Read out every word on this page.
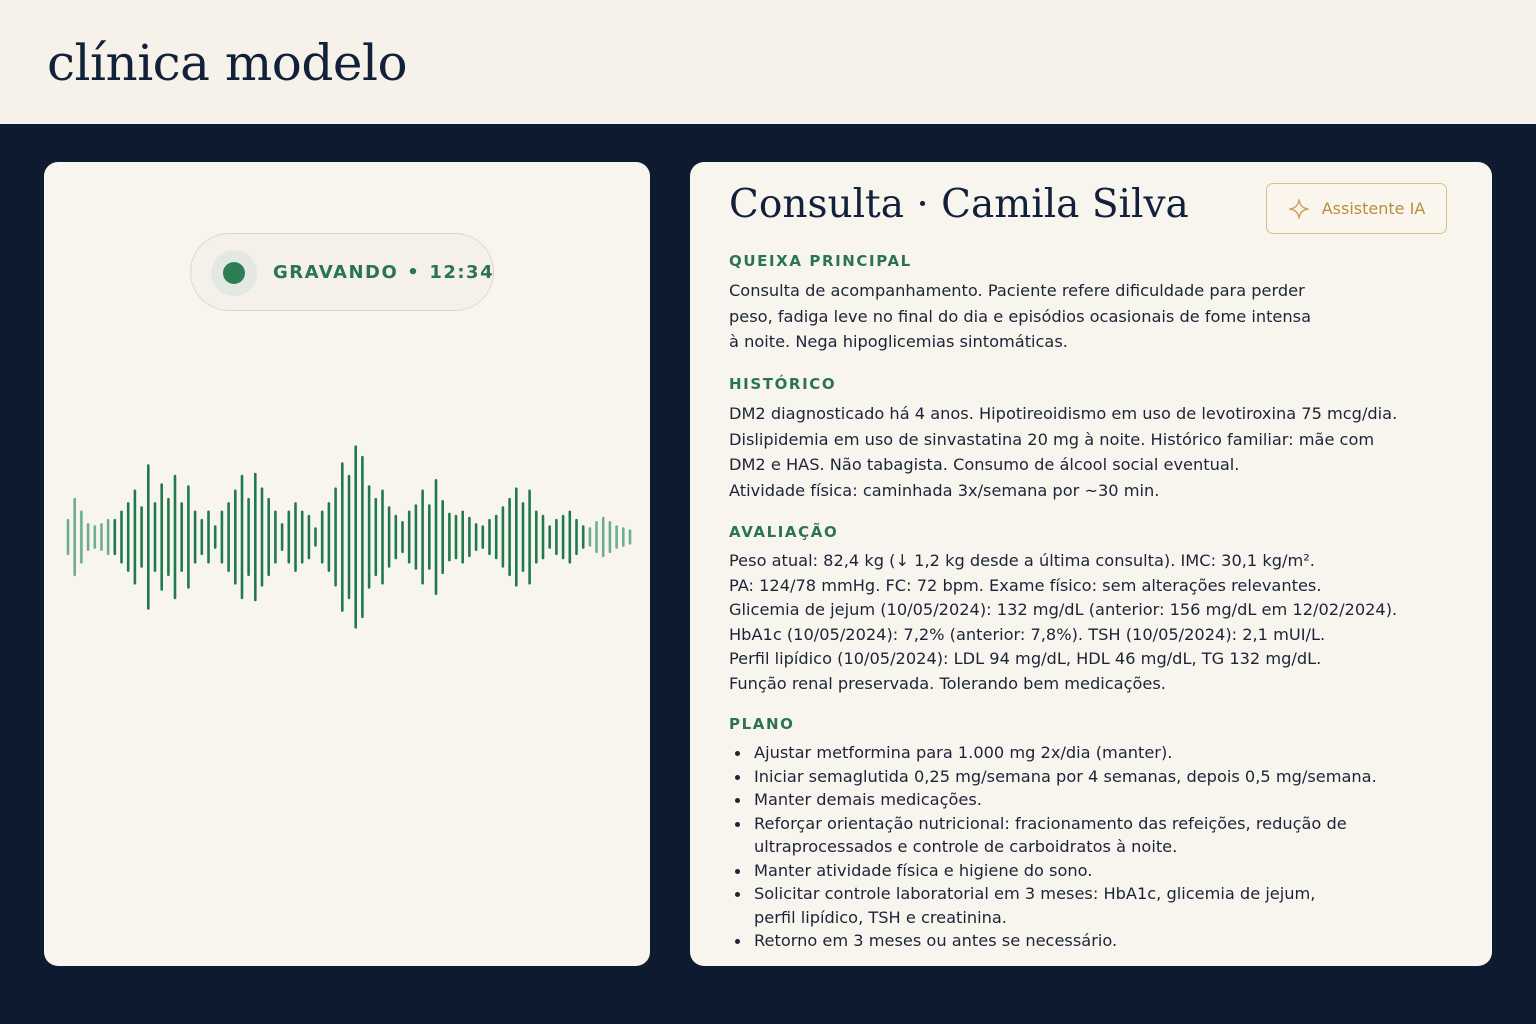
clínica modelo
GRAVANDO • 12:34
Consulta · Camila Silva	Assistente IA
QUEIXA PRINCIPAL
Consulta de acompanhamento. Paciente refere dificuldade para perder
peso, fadiga leve no final do dia e episódios ocasionais de fome intensa
à noite. Nega hipoglicemias sintomáticas.
HISTÓRICO
DM2 diagnosticado há 4 anos. Hipotireoidismo em uso de levotiroxina 75 mcg/dia.
Dislipidemia em uso de sinvastatina 20 mg à noite. Histórico familiar: mãe com
DM2 e HAS. Não tabagista. Consumo de álcool social eventual.
Atividade física: caminhada 3x/semana por ~30 min.
AVALIAÇÃO
Peso atual: 82,4 kg (↓ 1,2 kg desde a última consulta). IMC: 30,1 kg/m².
PA: 124/78 mmHg. FC: 72 bpm. Exame físico: sem alterações relevantes.
Glicemia de jejum (10/05/2024): 132 mg/dL (anterior: 156 mg/dL em 12/02/2024).
HbA1c (10/05/2024): 7,2% (anterior: 7,8%). TSH (10/05/2024): 2,1 mUI/L.
Perfil lipídico (10/05/2024): LDL 94 mg/dL, HDL 46 mg/dL, TG 132 mg/dL.
Função renal preservada. Tolerando bem medicações.
PLANO
Ajustar metformina para 1.000 mg 2x/dia (manter).
Iniciar semaglutida 0,25 mg/semana por 4 semanas, depois 0,5 mg/semana.
Manter demais medicações.
Reforçar orientação nutricional: fracionamento das refeições, redução de
ultraprocessados e controle de carboidratos à noite.
Manter atividade física e higiene do sono.
Solicitar controle laboratorial em 3 meses: HbA1c, glicemia de jejum,
perfil lipídico, TSH e creatinina.
Retorno em 3 meses ou antes se necessário.
